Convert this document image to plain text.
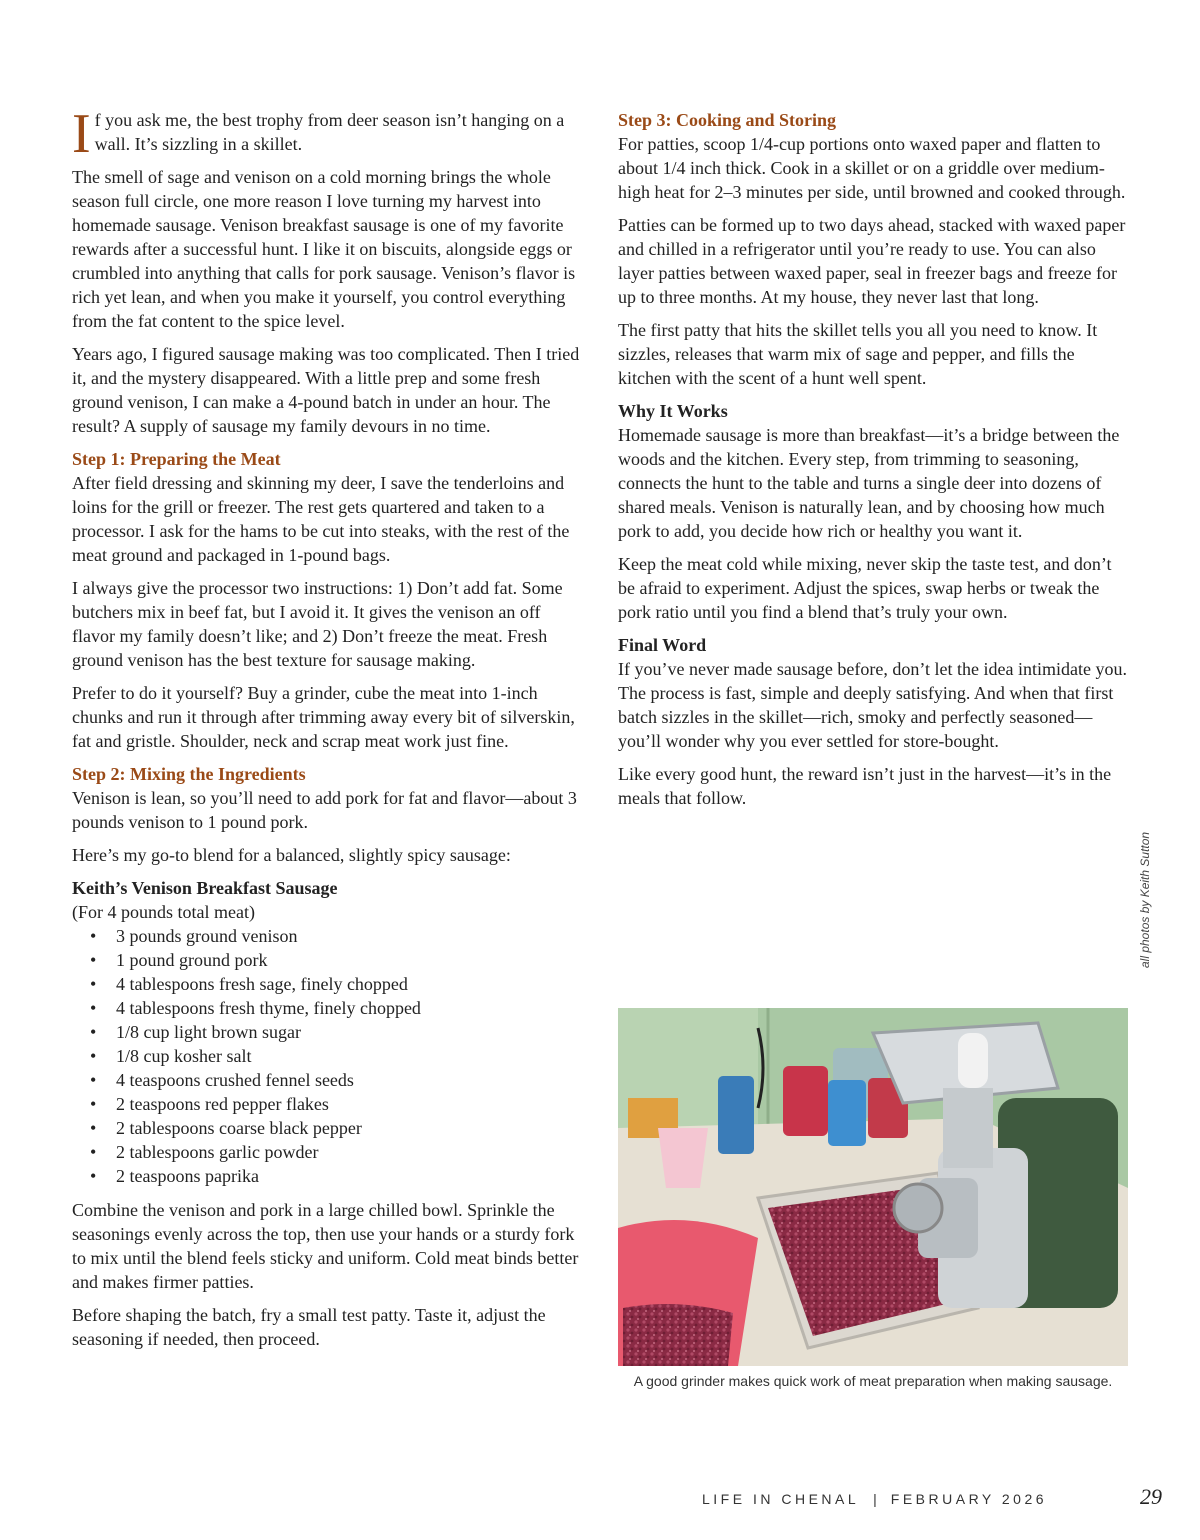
If you ask me, the best trophy from deer season isn’t hanging on a wall. It’s sizzling in a skillet.

The smell of sage and venison on a cold morning brings the whole season full circle, one more reason I love turning my harvest into homemade sausage. Venison breakfast sausage is one of my favorite rewards after a successful hunt. I like it on biscuits, alongside eggs or crumbled into anything that calls for pork sausage. Venison’s flavor is rich yet lean, and when you make it yourself, you control everything from the fat content to the spice level.

Years ago, I figured sausage making was too complicated. Then I tried it, and the mystery disappeared. With a little prep and some fresh ground venison, I can make a 4-pound batch in under an hour. The result? A supply of sausage my family devours in no time.

Step 1: Preparing the Meat

After field dressing and skinning my deer, I save the tenderloins and loins for the grill or freezer. The rest gets quartered and taken to a processor. I ask for the hams to be cut into steaks, with the rest of the meat ground and packaged in 1-pound bags.

I always give the processor two instructions: 1) Don’t add fat. Some butchers mix in beef fat, but I avoid it. It gives the venison an off flavor my family doesn’t like; and 2) Don’t freeze the meat. Fresh ground venison has the best texture for sausage making.

Prefer to do it yourself? Buy a grinder, cube the meat into 1-inch chunks and run it through after trimming away every bit of silverskin, fat and gristle. Shoulder, neck and scrap meat work just fine.

Step 2: Mixing the Ingredients

Venison is lean, so you’ll need to add pork for fat and flavor—about 3 pounds venison to 1 pound pork.

Here’s my go-to blend for a balanced, slightly spicy sausage:

Keith’s Venison Breakfast Sausage
(For 4 pounds total meat)
• 3 pounds ground venison
• 1 pound ground pork
• 4 tablespoons fresh sage, finely chopped
• 4 tablespoons fresh thyme, finely chopped
• 1/8 cup light brown sugar
• 1/8 cup kosher salt
• 4 teaspoons crushed fennel seeds
• 2 teaspoons red pepper flakes
• 2 tablespoons coarse black pepper
• 2 tablespoons garlic powder
• 2 teaspoons paprika

Combine the venison and pork in a large chilled bowl. Sprinkle the seasonings evenly across the top, then use your hands or a sturdy fork to mix until the blend feels sticky and uniform. Cold meat binds better and makes firmer patties.

Before shaping the batch, fry a small test patty. Taste it, adjust the seasoning if needed, then proceed.

Step 3: Cooking and Storing

For patties, scoop 1/4-cup portions onto waxed paper and flatten to about 1/4 inch thick. Cook in a skillet or on a griddle over medium-high heat for 2–3 minutes per side, until browned and cooked through.

Patties can be formed up to two days ahead, stacked with waxed paper and chilled in a refrigerator until you’re ready to use. You can also layer patties between waxed paper, seal in freezer bags and freeze for up to three months. At my house, they never last that long.

The first patty that hits the skillet tells you all you need to know. It sizzles, releases that warm mix of sage and pepper, and fills the kitchen with the scent of a hunt well spent.

Why It Works

Homemade sausage is more than breakfast—it’s a bridge between the woods and the kitchen. Every step, from trimming to seasoning, connects the hunt to the table and turns a single deer into dozens of shared meals. Venison is naturally lean, and by choosing how much pork to add, you decide how rich or healthy you want it.

Keep the meat cold while mixing, never skip the taste test, and don’t be afraid to experiment. Adjust the spices, swap herbs or tweak the pork ratio until you find a blend that’s truly your own.

Final Word

If you’ve never made sausage before, don’t let the idea intimidate you. The process is fast, simple and deeply satisfying. And when that first batch sizzles in the skillet—rich, smoky and perfectly seasoned—you’ll wonder why you ever settled for store-bought.

Like every good hunt, the reward isn’t just in the harvest—it’s in the meals that follow.

all photos by Keith Sutton
A good grinder makes quick work of meat preparation when making sausage.
LIFE IN CHENAL | FEBRUARY 2026	29
